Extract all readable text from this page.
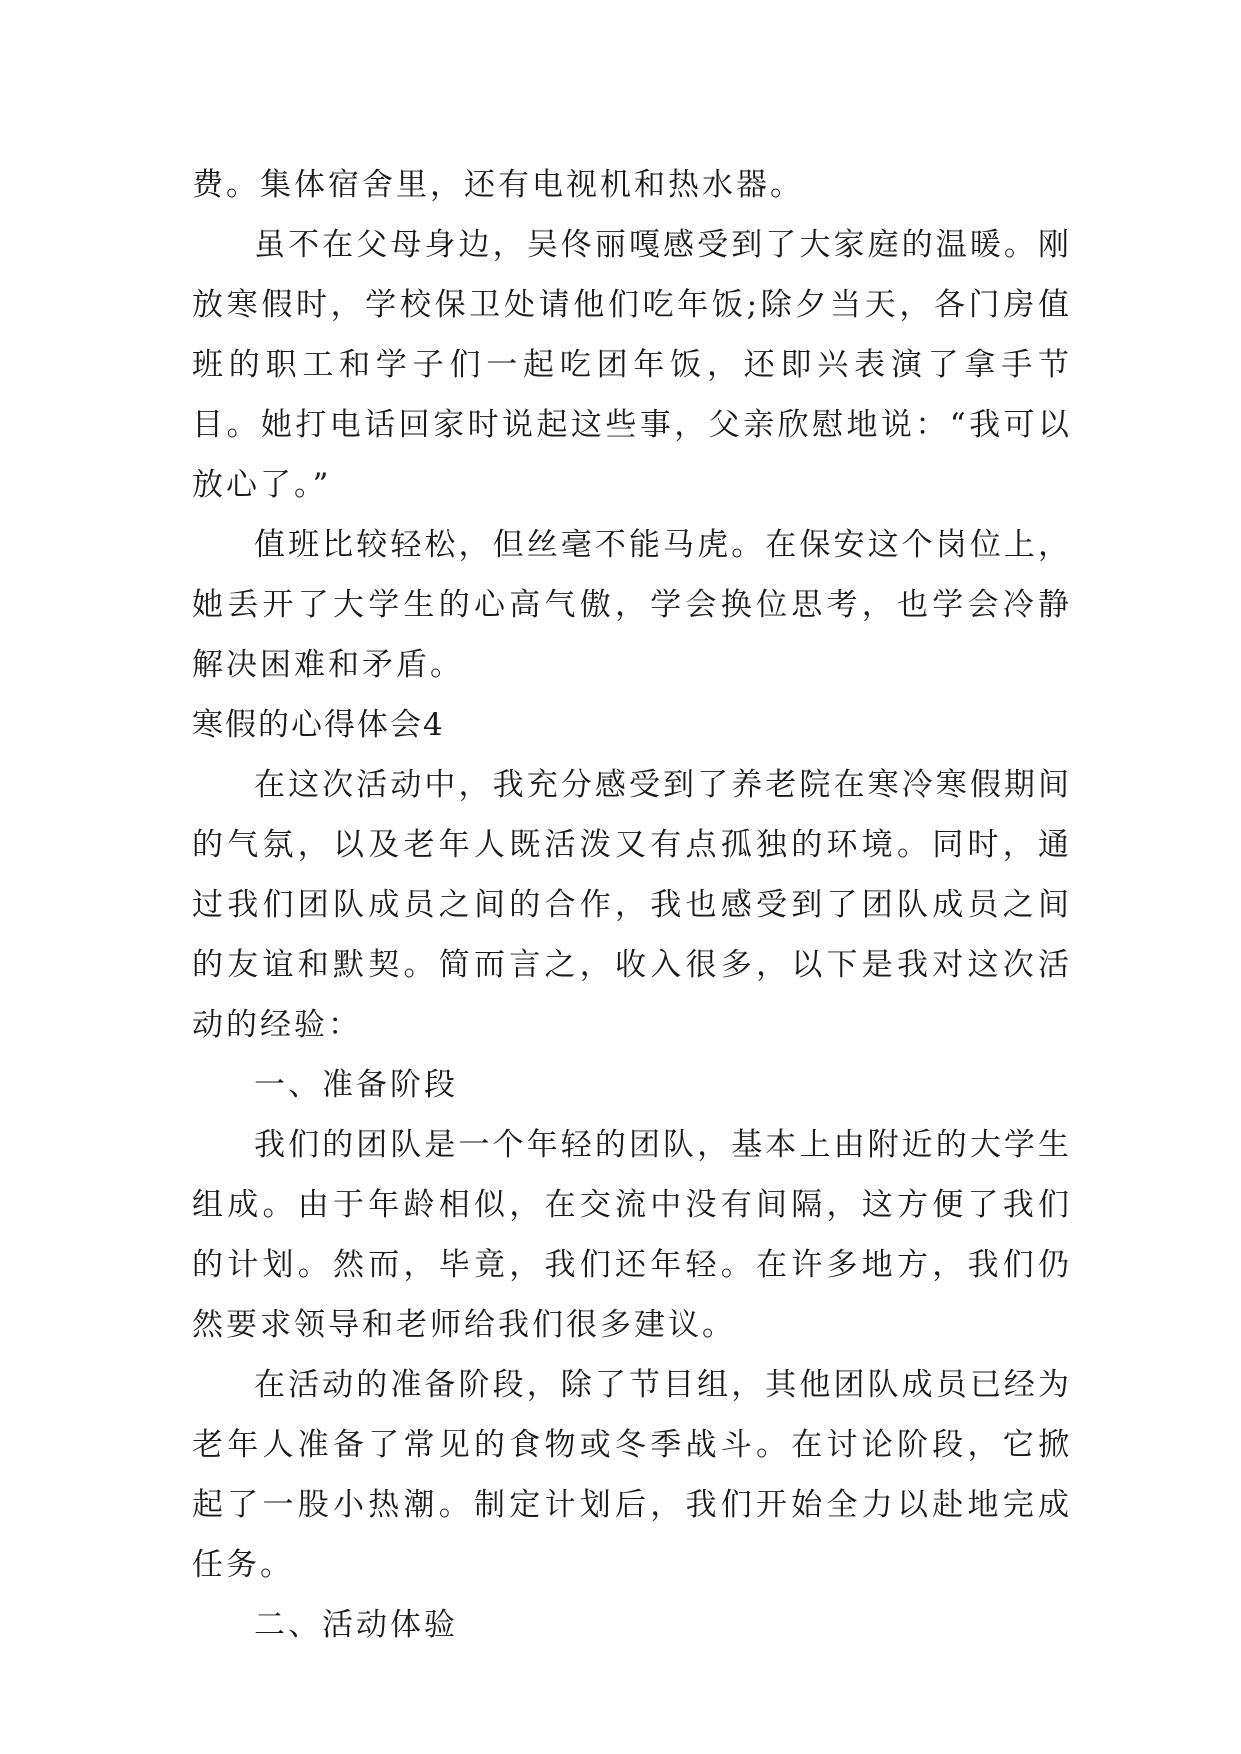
费。集体宿舍里，还有电视机和热水器。

虽不在父母身边，吴佟丽嘎感受到了大家庭的温暖。刚放寒假时，学校保卫处请他们吃年饭;除夕当天，各门房值班的职工和学子们一起吃团年饭，还即兴表演了拿手节目。她打电话回家时说起这些事，父亲欣慰地说：“我可以放心了。”

值班比较轻松，但丝毫不能马虎。在保安这个岗位上，她丢开了大学生的心高气傲，学会换位思考，也学会冷静解决困难和矛盾。

寒假的心得体会4

在这次活动中，我充分感受到了养老院在寒冷寒假期间的气氛，以及老年人既活泼又有点孤独的环境。同时，通过我们团队成员之间的合作，我也感受到了团队成员之间的友谊和默契。简而言之，收入很多，以下是我对这次活动的经验：

一、准备阶段

我们的团队是一个年轻的团队，基本上由附近的大学生组成。由于年龄相似，在交流中没有间隔，这方便了我们的计划。然而，毕竟，我们还年轻。在许多地方，我们仍然要求领导和老师给我们很多建议。

在活动的准备阶段，除了节目组，其他团队成员已经为老年人准备了常见的食物或冬季战斗。在讨论阶段，它掀起了一股小热潮。制定计划后，我们开始全力以赴地完成任务。

二、活动体验
